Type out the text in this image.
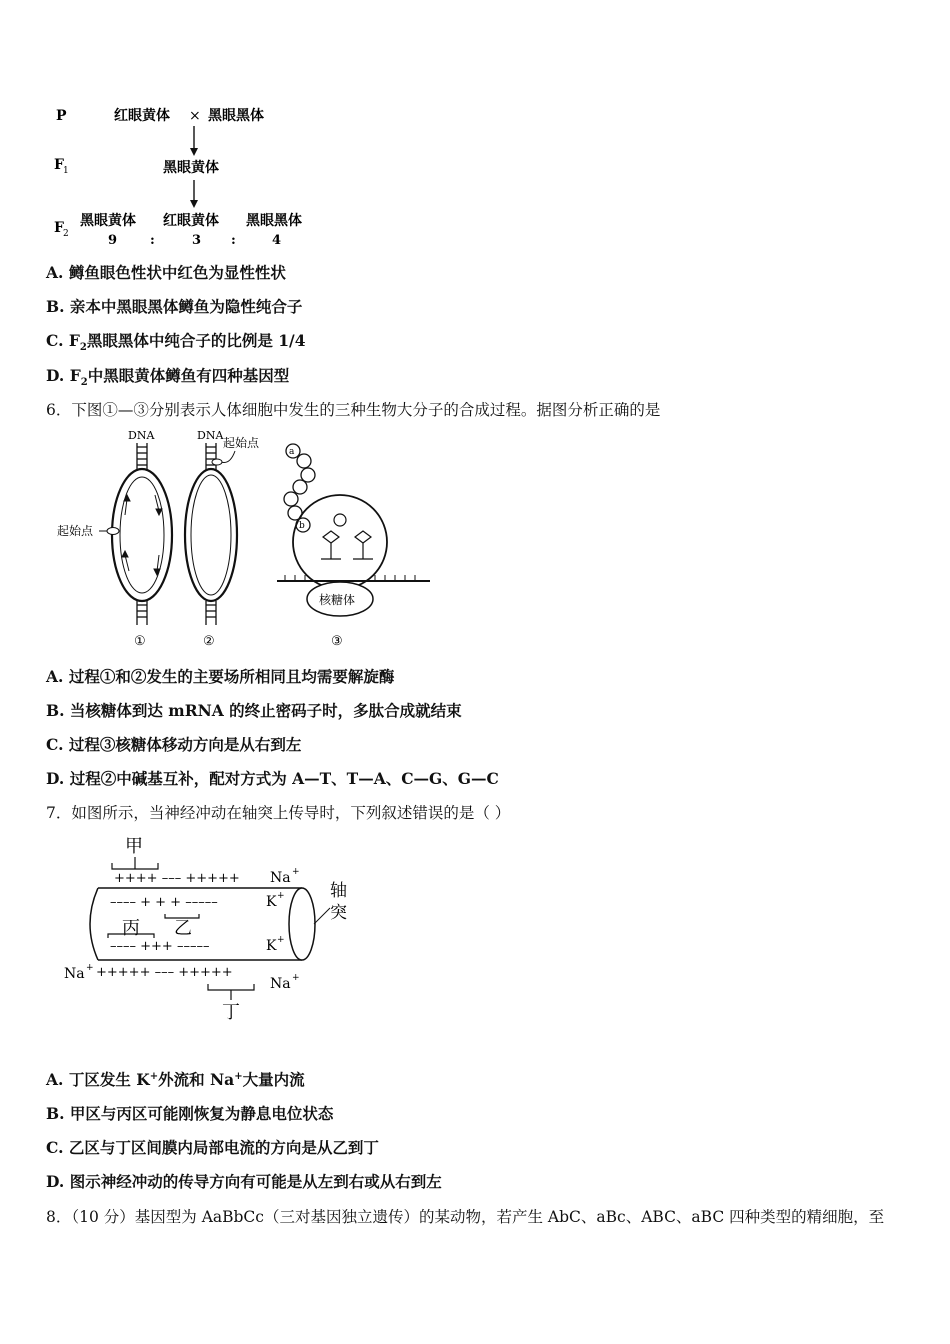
P
F 1
F 2
红眼黄体 × 黑眼黑体
黑眼黄体
黑眼黄体 红眼黄体 黑眼黑体
9	:	3 :	4
A. 鳟鱼眼色性状中红色为显性性状
B. 亲本中黑眼黑体鳟鱼为隐性纯合子
C. $F_2$黑眼黑体中纯合子的比例是 1/4
D. $F_2$中黑眼黄体鳟鱼有四种基因型
6．下图①—③分别表示人体细胞中发生的三种生物大分子的合成过程。据图分析正确的是
DNA
起始点
①
DNA
起始点
②
a
b
核糖体
③
A. 过程①和②发生的主要场所相同且均需要解旋酶
B. 当核糖体到达 mRNA 的终止密码子时，多肽合成就结束
C. 过程③核糖体移动方向是从右到左
D. 过程②中碱基互补，配对方式为 A—T、T—A、C—G、G—C
7．如图所示，当神经冲动在轴突上传导时，下列叙述错误的是（ ）
甲
++++ ––– +++++ Na +
–––– + + + –––––	K +
丙 乙
–––– +++ –––––	K +
Na + +++++ ––– +++++
Na +
丁
轴
突
A. 丁区发生 K+外流和 Na+大量内流
B. 甲区与丙区可能刚恢复为静息电位状态
C. 乙区与丁区间膜内局部电流的方向是从乙到丁
D. 图示神经冲动的传导方向有可能是从左到右或从右到左
8．（10 分）基因型为 AaBbCc（三对基因独立遗传）的某动物，若产生 AbC、aBc、ABC、aBC 四种类型的精细胞，至
